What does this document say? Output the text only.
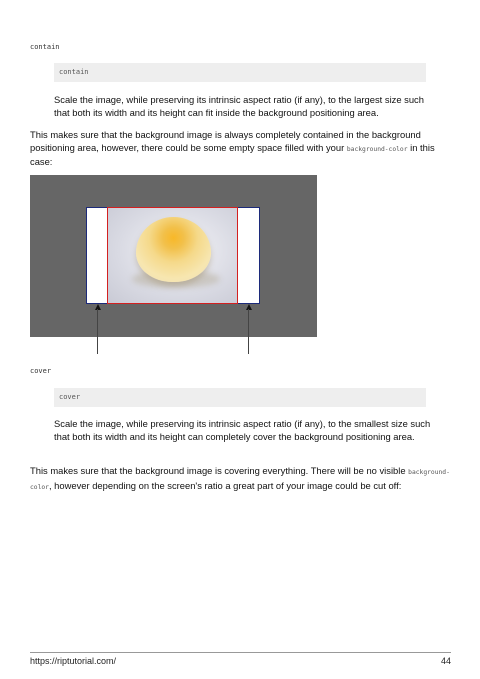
contain
contain

Scale the image, while preserving its intrinsic aspect ratio (if any), to the largest size such that both its width and its height can fit inside the background positioning area.

This makes sure that the background image is always completely contained in the background positioning area, however, there could be some empty space filled with your background-color in this case:

cover
cover

Scale the image, while preserving its intrinsic aspect ratio (if any), to the smallest size such that both its width and its height can completely cover the background positioning area.

This makes sure that the background image is covering everything. There will be no visible background-color, however depending on the screen's ratio a great part of your image could be cut off:

https://riptutorial.com/	44
